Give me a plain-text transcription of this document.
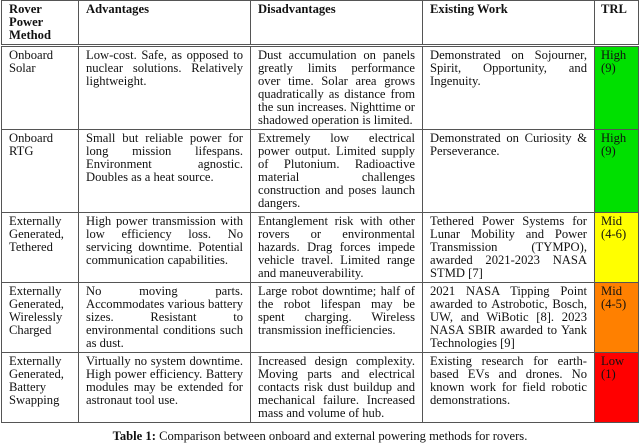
Rover Power Method	Advantages	Disadvantages	Existing Work	TRL
Onboard Solar	Low-cost. Safe, as opposed to nuclear solutions. Relatively lightweight.	Dust accumulation on panels greatly limits performance over time. Solar area grows quadratically as distance from the sun increases. Nighttime or shadowed operation is limited.	Demonstrated on Sojourner, Spirit, Opportunity, and Ingenuity.	High (9)
Onboard RTG	Small but reliable power for long mission lifespans. Environment agnostic. Doubles as a heat source.	Extremely low electrical power output. Limited supply of Plutonium. Radioactive material challenges construction and poses launch dangers.	Demonstrated on Curiosity & Perseverance.	High (9)
Externally Generated, Tethered	High power transmission with low efficiency loss. No servicing downtime. Potential communication capabilities.	Entanglement risk with other rovers or environmental hazards. Drag forces impede vehicle travel. Limited range and maneuverability.	Tethered Power Systems for Lunar Mobility and Power Transmission (TYMPO), awarded 2021-2023 NASA STMD [7]	Mid (4-6)
Externally Generated, Wirelessly Charged	No moving parts. Accommodates various battery sizes. Resistant to environmental conditions such as dust.	Large robot downtime; half of the robot lifespan may be spent charging. Wireless transmission inefficiencies.	2021 NASA Tipping Point awarded to Astrobotic, Bosch, UW, and WiBotic [8]. 2023 NASA SBIR awarded to Yank Technologies [9]	Mid (4-5)
Externally Generated, Battery Swapping	Virtually no system downtime. High power efficiency. Battery modules may be extended for astronaut tool use.	Increased design complexity. Moving parts and electrical contacts risk dust buildup and mechanical failure. Increased mass and volume of hub.	Existing research for earth-based EVs and drones. No known work for field robotic demonstrations.	Low (1)
Table 1: Comparison between onboard and external powering methods for rovers.
